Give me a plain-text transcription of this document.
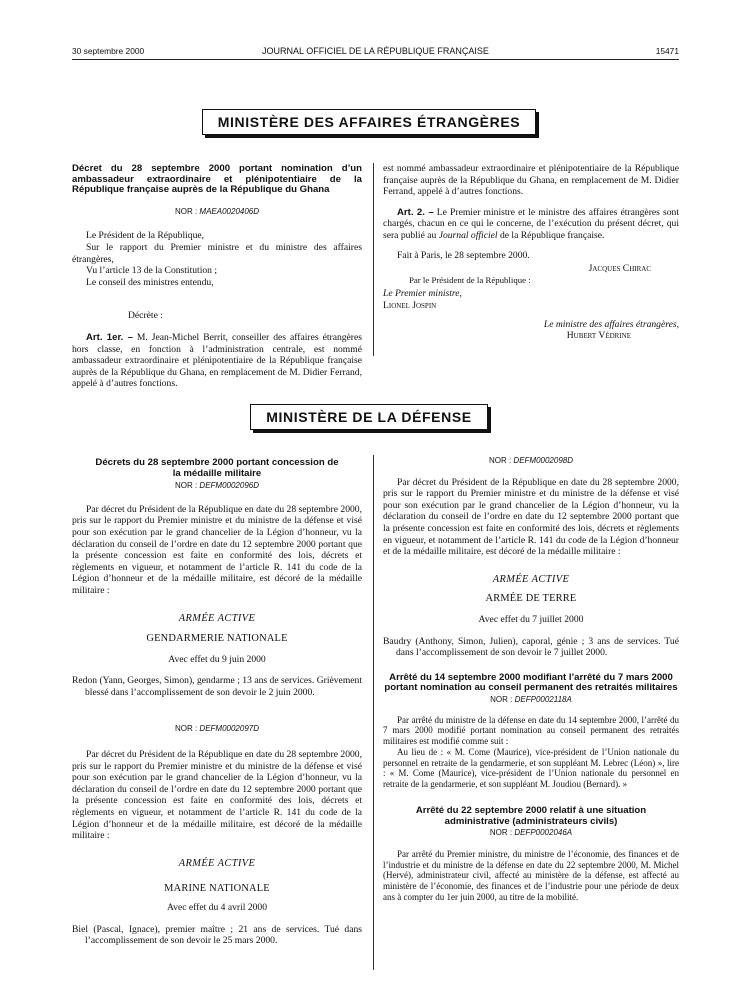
30 septembre 2000	JOURNAL OFFICIEL DE LA RÉPUBLIQUE FRANÇAISE	15471
MINISTÈRE DES AFFAIRES ÉTRANGÈRES

Décret du 28 septembre 2000 portant nomination d’un ambassadeur extraordinaire et plénipotentiaire de la République française auprès de la République du Ghana

NOR : MAEA0020406D

Le Président de la République,

Sur le rapport du Premier ministre et du ministre des affaires étrangères,

Vu l’article 13 de la Constitution ;

Le conseil des ministres entendu,

Décrète :

Art. 1er. – M. Jean-Michel Berrit, conseiller des affaires étrangères hors classe, en fonction à l’administration centrale, est nommé ambassadeur extraordinaire et plénipotentiaire de la République française auprès de la République du Ghana, en remplacement de M. Didier Ferrand, appelé à d’autres fonctions.

est nommé ambassadeur extraordinaire et plénipotentiaire de la République française auprès de la République du Ghana, en remplacement de M. Didier Ferrand, appelé à d’autres fonctions.

Art. 2. – Le Premier ministre et le ministre des affaires étrangères sont chargés, chacun en ce qui le concerne, de l’exécution du présent décret, qui sera publié au Journal officiel de la République française.

Fait à Paris, le 28 septembre 2000.

Jacques Chirac

Par le Président de la République :

Le Premier ministre,

Lionel Jospin

Le ministre des affaires étrangères,

Hubert Védrine

MINISTÈRE DE LA DÉFENSE

Décrets du 28 septembre 2000 portant concession de la médaille militaire

NOR : DEFM0002096D

Par décret du Président de la République en date du 28 septembre 2000, pris sur le rapport du Premier ministre et du ministre de la défense et visé pour son exécution par le grand chancelier de la Légion d’honneur, vu la déclaration du conseil de l’ordre en date du 12 septembre 2000 portant que la présente concession est faite en conformité des lois, décrets et règlements en vigueur, et notamment de l’article R. 141 du code de la Légion d’honneur et de la médaille militaire, est décoré de la médaille militaire :

ARMÉE ACTIVE

GENDARMERIE NATIONALE

Avec effet du 9 juin 2000

Redon (Yann, Georges, Simon), gendarme ; 13 ans de services. Grièvement blessé dans l’accomplissement de son devoir le 2 juin 2000.

NOR : DEFM0002097D

Par décret du Président de la République en date du 28 septembre 2000, pris sur le rapport du Premier ministre et du ministre de la défense et visé pour son exécution par le grand chancelier de la Légion d’honneur, vu la déclaration du conseil de l’ordre en date du 12 septembre 2000 portant que la présente concession est faite en conformité des lois, décrets et règlements en vigueur, et notamment de l’article R. 141 du code de la Légion d’honneur et de la médaille militaire, est décoré de la médaille militaire :

ARMÉE ACTIVE

MARINE NATIONALE

Avec effet du 4 avril 2000

Biel (Pascal, Ignace), premier maître ; 21 ans de services. Tué dans l’accomplissement de son devoir le 25 mars 2000.

NOR : DEFM0002098D

Par décret du Président de la République en date du 28 septembre 2000, pris sur le rapport du Premier ministre et du ministre de la défense et visé pour son exécution par le grand chancelier de la Légion d’honneur, vu la déclaration du conseil de l’ordre en date du 12 septembre 2000 portant que la présente concession est faite en conformité des lois, décrets et règlements en vigueur, et notamment de l’article R. 141 du code de la Légion d’honneur et de la médaille militaire, est décoré de la médaille militaire :

ARMÉE ACTIVE

ARMÉE DE TERRE

Avec effet du 7 juillet 2000

Baudry (Anthony, Simon, Julien), caporal, génie ; 3 ans de services. Tué dans l’accomplissement de son devoir le 7 juillet 2000.

Arrêté du 14 septembre 2000 modifiant l’arrêté du 7 mars 2000 portant nomination au conseil permanent des retraités militaires

NOR : DEFP0002118A

Par arrêté du ministre de la défense en date du 14 septembre 2000, l’arrêté du 7 mars 2000 modifié portant nomination au conseil permanent des retraités militaires est modifié comme suit :

Au lieu de : « M. Come (Maurice), vice-président de l’Union nationale du personnel en retraite de la gendarmerie, et son suppléant M. Lebrec (Léon) », lire : « M. Come (Maurice), vice-président de l’Union nationale du personnel en retraite de la gendarmerie, et son suppléant M. Joudiou (Bernard). »

Arrêté du 22 septembre 2000 relatif à une situation administrative (administrateurs civils)

NOR : DEFP0002046A

Par arrêté du Premier ministre, du ministre de l’économie, des finances et de l’industrie et du ministre de la défense en date du 22 septembre 2000, M. Michel (Hervé), administrateur civil, affecté au ministère de la défense, est affecté au ministère de l’économie, des finances et de l’industrie pour une période de deux ans à compter du 1er juin 2000, au titre de la mobilité.
